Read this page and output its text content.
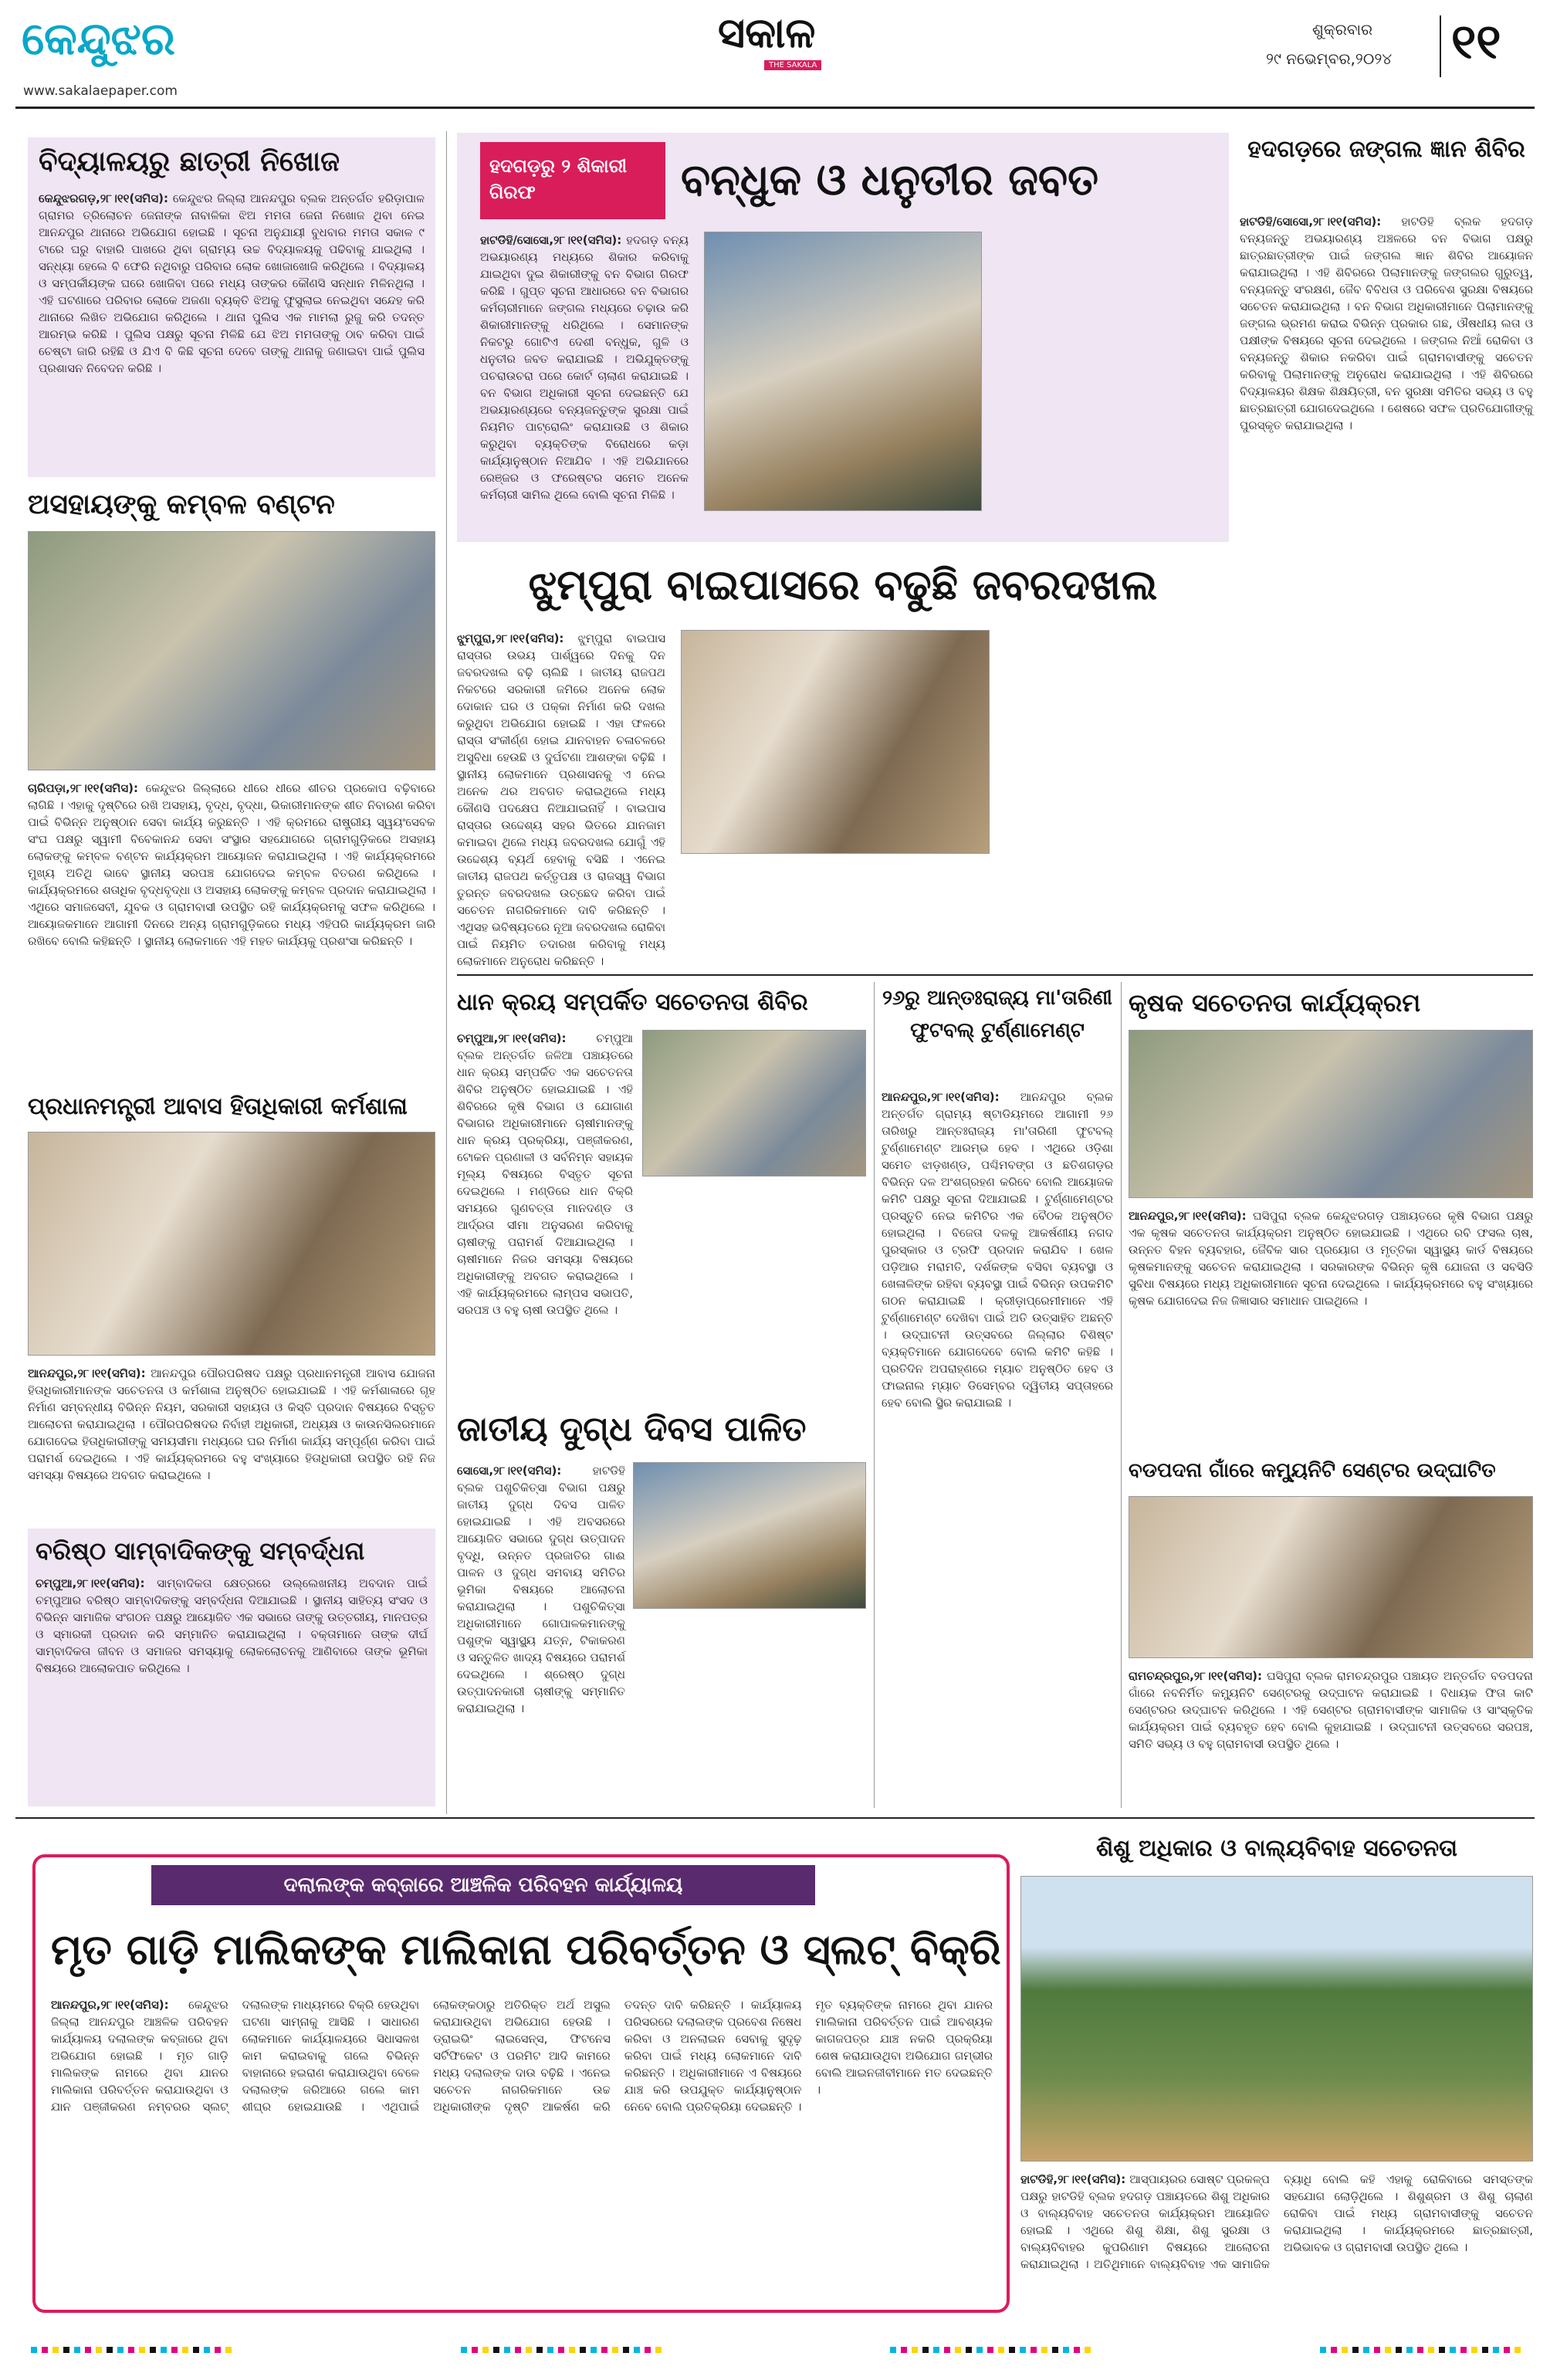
କେନ୍ଦୁଝର
www.sakalaepaper.com
ସକାଳ
THE SAKALA
ଶୁକ୍ରବାର
୨୯ ନଭେମ୍ବର,୨୦୨୪ ୧୧
ବିଦ୍ୟାଳୟରୁ ଛାତ୍ରୀ ନିଖୋଜ
କେନ୍ଦୁଝରଗଡ଼,୨୮।୧୧(ସମିସ): କେନ୍ଦୁଝର ଜିଲ୍ଲା ଆନନ୍ଦପୁର ବ୍ଲକ ଅନ୍ତର୍ଗତ ହରିଡ଼ାପାଳ ଗ୍ରାମର ତ୍ରିଲୋଚନ ଜେନାଙ୍କ ନାବାଳିକା ଝିଅ ମମତା ଜେନା ନିଖୋଜ ଥିବା ନେଇ ଆନନ୍ଦପୁର ଥାନାରେ ଅଭିଯୋଗ ହୋଇଛି । ସୂଚନା ଅନୁଯାୟୀ ବୁଧବାର ମମତା ସକାଳ ୯ ଟାରେ ଘରୁ ବାହାରି ପାଖରେ ଥିବା ଗ୍ରାମ୍ୟ ଉଚ୍ଚ ବିଦ୍ୟାଳୟକୁ ପଢିବାକୁ ଯାଇଥିଲା । ସନ୍ଧ୍ୟା ହେଲେ ବି ଫେରି ନଥିବାରୁ ପରିବାର ଲୋକ ଖୋଜାଖୋଜି କରିଥିଲେ । ବିଦ୍ୟାଳୟ ଓ ସମ୍ପର୍କୀୟଙ୍କ ଘରେ ଖୋଜିବା ପରେ ମଧ୍ୟ ତାଙ୍କର କୌଣସି ସନ୍ଧାନ ମିଳିନଥିଲା । ଏହି ଘଟଣାରେ ପରିବାର ଲୋକେ ଅଜଣା ବ୍ୟକ୍ତି ଝିଅକୁ ଫୁସୁଲାଇ ନେଇଥିବା ସନ୍ଦେହ କରି ଥାନାରେ ଲିଖିତ ଅଭିଯୋଗ କରିଥିଲେ । ଥାନା ପୁଲିସ ଏକ ମାମଲା ରୁଜୁ କରି ତଦନ୍ତ ଆରମ୍ଭ କରିଛି । ପୁଲିସ ପକ୍ଷରୁ ସୂଚନା ମିଳିଛି ଯେ ଝିଅ ମମତାଙ୍କୁ ଠାବ କରିବା ପାଇଁ ଚେଷ୍ଟା ଜାରି ରହିଛି ଓ ଯିଏ ବି କିଛି ସୂଚନା ଦେବେ ତାଙ୍କୁ ଥାନାକୁ ଜଣାଇବା ପାଇଁ ପୁଲିସ ପ୍ରଶାସନ ନିବେଦନ କରିଛି ।
ଅସହାୟଙ୍କୁ କମ୍ବଳ ବଣ୍ଟନ
ଚାରିପଡ଼ା,୨୮।୧୧(ସମିସ): କେନ୍ଦୁଝର ଜିଲ୍ଲାରେ ଧୀରେ ଧୀରେ ଶୀତର ପ୍ରକୋପ ବଢ଼ିବାରେ ଲାଗିଛି । ଏହାକୁ ଦୃଷ୍ଟିରେ ରଖି ଅସହାୟ, ବୃଦ୍ଧ, ବୃଦ୍ଧା, ଭିକାରୀମାନଙ୍କ ଶୀତ ନିବାରଣ କରିବା ପାଇଁ ବିଭିନ୍ନ ଅନୁଷ୍ଠାନ ସେବା କାର୍ଯ୍ୟ କରୁଛନ୍ତି । ଏହି କ୍ରମରେ ରାଷ୍ଟ୍ରୀୟ ସ୍ୱୟଂସେବକ ସଂଘ ପକ୍ଷରୁ ସ୍ୱାମୀ ବିବେକାନନ୍ଦ ସେବା ସଂସ୍ଥାର ସହଯୋଗରେ ଗ୍ରାମଗୁଡ଼ିକରେ ଅସହାୟ ଲୋକଙ୍କୁ କମ୍ବଳ ବଣ୍ଟନ କାର୍ଯ୍ୟକ୍ରମ ଆୟୋଜନ କରାଯାଇଥିଲା । ଏହି କାର୍ଯ୍ୟକ୍ରମରେ ମୁଖ୍ୟ ଅତିଥି ଭାବେ ସ୍ଥାନୀୟ ସରପଞ୍ଚ ଯୋଗଦେଇ କମ୍ବଳ ବିତରଣ କରିଥିଲେ । କାର୍ଯ୍ୟକ୍ରମରେ ଶତାଧିକ ବୃଦ୍ଧବୃଦ୍ଧା ଓ ଅସହାୟ ଲୋକଙ୍କୁ କମ୍ବଳ ପ୍ରଦାନ କରାଯାଇଥିଲା । ଏଥିରେ ସମାଜସେବୀ, ଯୁବକ ଓ ଗ୍ରାମବାସୀ ଉପସ୍ଥିତ ରହି କାର୍ଯ୍ୟକ୍ରମକୁ ସଫଳ କରିଥିଲେ । ଆୟୋଜକମାନେ ଆଗାମୀ ଦିନରେ ଅନ୍ୟ ଗ୍ରାମଗୁଡ଼ିକରେ ମଧ୍ୟ ଏହିପରି କାର୍ଯ୍ୟକ୍ରମ ଜାରି ରଖିବେ ବୋଲି କହିଛନ୍ତି । ସ୍ଥାନୀୟ ଲୋକମାନେ ଏହି ମହତ କାର୍ଯ୍ୟକୁ ପ୍ରଶଂସା କରିଛନ୍ତି ।
ପ୍ରଧାନମନ୍ତ୍ରୀ ଆବାସ ହିତାଧିକାରୀ କର୍ମଶାଳା
ଆନନ୍ଦପୁର,୨୮।୧୧(ସମିସ): ଆନନ୍ଦପୁର ପୌରପରିଷଦ ପକ୍ଷରୁ ପ୍ରଧାନମନ୍ତ୍ରୀ ଆବାସ ଯୋଜନା ହିତାଧିକାରୀମାନଙ୍କ ସଚେତନତା ଓ କର୍ମଶାଳା ଅନୁଷ୍ଠିତ ହୋଇଯାଇଛି । ଏହି କର୍ମଶାଳାରେ ଗୃହ ନିର୍ମାଣ ସମ୍ବନ୍ଧୀୟ ବିଭିନ୍ନ ନିୟମ, ସରକାରୀ ସହାୟତା ଓ କିସ୍ତି ପ୍ରଦାନ ବିଷୟରେ ବିସ୍ତୃତ ଆଲୋଚନା କରାଯାଇଥିଲା । ପୌରପରିଷଦର ନିର୍ବାହୀ ଅଧିକାରୀ, ଅଧ୍ୟକ୍ଷ ଓ କାଉନସିଲରମାନେ ଯୋଗଦେଇ ହିତାଧିକାରୀଙ୍କୁ ସମୟସୀମା ମଧ୍ୟରେ ଘର ନିର୍ମାଣ କାର୍ଯ୍ୟ ସମ୍ପୂର୍ଣ୍ଣ କରିବା ପାଇଁ ପରାମର୍ଶ ଦେଇଥିଲେ । ଏହି କାର୍ଯ୍ୟକ୍ରମରେ ବହୁ ସଂଖ୍ୟାରେ ହିତାଧିକାରୀ ଉପସ୍ଥିତ ରହି ନିଜ ସମସ୍ୟା ବିଷୟରେ ଅବଗତ କରାଇଥିଲେ ।
ବରିଷ୍ଠ ସାମ୍ବାଦିକଙ୍କୁ ସମ୍ବର୍ଦ୍ଧନା
ଚମ୍ପୁଆ,୨୮।୧୧(ସମିସ): ସାମ୍ବାଦିକତା କ୍ଷେତ୍ରରେ ଉଲ୍ଲେଖନୀୟ ଅବଦାନ ପାଇଁ ଚମ୍ପୁଆର ବରିଷ୍ଠ ସାମ୍ବାଦିକଙ୍କୁ ସମ୍ବର୍ଦ୍ଧନା ଦିଆଯାଇଛି । ସ୍ଥାନୀୟ ସାହିତ୍ୟ ସଂସଦ ଓ ବିଭିନ୍ନ ସାମାଜିକ ସଂଗଠନ ପକ୍ଷରୁ ଆୟୋଜିତ ଏକ ସଭାରେ ତାଙ୍କୁ ଉତ୍ତରୀୟ, ମାନପତ୍ର ଓ ସ୍ମାରକୀ ପ୍ରଦାନ କରି ସମ୍ମାନିତ କରାଯାଇଥିଲା । ବକ୍ତାମାନେ ତାଙ୍କ ଦୀର୍ଘ ସାମ୍ବାଦିକତା ଜୀବନ ଓ ସମାଜର ସମସ୍ୟାକୁ ଲୋକଲୋଚନକୁ ଆଣିବାରେ ତାଙ୍କ ଭୂମିକା ବିଷୟରେ ଆଲୋକପାତ କରିଥିଲେ ।
ହଦଗଡ଼ରୁ ୨ ଶିକାରୀ ଗିରଫ	ବନ୍ଧୁକ ଓ ଧନୁତୀର ଜବତ
ହାଟଡିହି/ସୋସୋ,୨୮।୧୧(ସମିସ): ହଦଗଡ଼ ବନ୍ୟ ଅଭୟାରଣ୍ୟ ମଧ୍ୟରେ ଶିକାର କରିବାକୁ ଯାଇଥିବା ଦୁଇ ଶିକାରୀଙ୍କୁ ବନ ବିଭାଗ ଗିରଫ କରିଛି । ଗୁପ୍ତ ସୂଚନା ଆଧାରରେ ବନ ବିଭାଗର କର୍ମଚାରୀମାନେ ଜଙ୍ଗଲ ମଧ୍ୟରେ ଚଢ଼ାଉ କରି ଶିକାରୀମାନଙ୍କୁ ଧରିଥିଲେ । ସେମାନଙ୍କ ନିକଟରୁ ଗୋଟିଏ ଦେଶୀ ବନ୍ଧୁକ, ଗୁଳି ଓ ଧନୁତୀର ଜବତ କରାଯାଇଛି । ଅଭିଯୁକ୍ତଙ୍କୁ ପଚରାଉଚରା ପରେ କୋର୍ଟ ଚାଲାଣ କରାଯାଇଛି । ବନ ବିଭାଗ ଅଧିକାରୀ ସୂଚନା ଦେଇଛନ୍ତି ଯେ ଅଭୟାରଣ୍ୟରେ ବନ୍ୟଜନ୍ତୁଙ୍କ ସୁରକ୍ଷା ପାଇଁ ନିୟମିତ ପାଟ୍ରୋଲିଂ କରାଯାଉଛି ଓ ଶିକାର କରୁଥିବା ବ୍ୟକ୍ତିଙ୍କ ବିରୋଧରେ କଡ଼ା କାର୍ଯ୍ୟାନୁଷ୍ଠାନ ନିଆଯିବ । ଏହି ଅଭିଯାନରେ ରେଞ୍ଜର ଓ ଫରେଷ୍ଟର ସମେତ ଅନେକ କର୍ମଚାରୀ ସାମିଲ ଥିଲେ ବୋଲି ସୂଚନା ମିଳିଛି ।
ହଦଗଡ଼ରେ ଜଙ୍ଗଲ ଜ୍ଞାନ ଶିବିର
ହାଟଡିହି/ସୋସୋ,୨୮।୧୧(ସମିସ): ହାଟଡିହି ବ୍ଲକ ହଦଗଡ଼ ବନ୍ୟଜନ୍ତୁ ଅଭୟାରଣ୍ୟ ଅଞ୍ଚଳରେ ବନ ବିଭାଗ ପକ୍ଷରୁ ଛାତ୍ରଛାତ୍ରୀଙ୍କ ପାଇଁ ଜଙ୍ଗଲ ଜ୍ଞାନ ଶିବିର ଆୟୋଜନ କରାଯାଇଥିଲା । ଏହି ଶିବିରରେ ପିଲାମାନଙ୍କୁ ଜଙ୍ଗଲର ଗୁରୁତ୍ୱ, ବନ୍ୟଜନ୍ତୁ ସଂରକ୍ଷଣ, ଜୈବ ବିବିଧତା ଓ ପରିବେଶ ସୁରକ୍ଷା ବିଷୟରେ ସଚେତନ କରାଯାଇଥିଲା । ବନ ବିଭାଗ ଅଧିକାରୀମାନେ ପିଲାମାନଙ୍କୁ ଜଙ୍ଗଲ ଭ୍ରମଣ କରାଇ ବିଭିନ୍ନ ପ୍ରକାର ଗଛ, ଔଷଧୀୟ ଲତା ଓ ପକ୍ଷୀଙ୍କ ବିଷୟରେ ସୂଚନା ଦେଇଥିଲେ । ଜଙ୍ଗଲ ନିଆଁ ରୋକିବା ଓ ବନ୍ୟଜନ୍ତୁ ଶିକାର ନକରିବା ପାଇଁ ଗ୍ରାମବାସୀଙ୍କୁ ସଚେତନ କରିବାକୁ ପିଲାମାନଙ୍କୁ ଅନୁରୋଧ କରାଯାଇଥିଲା । ଏହି ଶିବିରରେ ବିଦ୍ୟାଳୟର ଶିକ୍ଷକ ଶିକ୍ଷୟିତ୍ରୀ, ବନ ସୁରକ୍ଷା ସମିତିର ସଭ୍ୟ ଓ ବହୁ ଛାତ୍ରଛାତ୍ରୀ ଯୋଗଦେଇଥିଲେ । ଶେଷରେ ସଫଳ ପ୍ରତିଯୋଗୀଙ୍କୁ ପୁରସ୍କୃତ କରାଯାଇଥିଲା ।
ଝୁମ୍ପୁରା ବାଇପାସରେ ବଢୁଛି ଜବରଦଖଲ
ଝୁମ୍ପୁରା,୨୮।୧୧(ସମିସ): ଝୁମ୍ପୁରା ବାଇପାସ ରାସ୍ତାର ଉଭୟ ପାର୍ଶ୍ୱରେ ଦିନକୁ ଦିନ ଜବରଦଖଲ ବଢ଼ି ଚାଲିଛି । ଜାତୀୟ ରାଜପଥ ନିକଟରେ ସରକାରୀ ଜମିରେ ଅନେକ ଲୋକ ଦୋକାନ ଘର ଓ ପକ୍କା ନିର୍ମାଣ କରି ଦଖଲ କରୁଥିବା ଅଭିଯୋଗ ହୋଇଛି । ଏହା ଫଳରେ ରାସ୍ତା ସଂକୀର୍ଣ୍ଣ ହୋଇ ଯାନବାହନ ଚଳାଚଳରେ ଅସୁବିଧା ହେଉଛି ଓ ଦୁର୍ଘଟଣା ଆଶଙ୍କା ବଢ଼ିଛି । ସ୍ଥାନୀୟ ଲୋକମାନେ ପ୍ରଶାସନକୁ ଏ ନେଇ ଅନେକ ଥର ଅବଗତ କରାଇଥିଲେ ମଧ୍ୟ କୌଣସି ପଦକ୍ଷେପ ନିଆଯାଇନାହିଁ । ବାଇପାସ ରାସ୍ତାର ଉଦ୍ଦେଶ୍ୟ ସହର ଭିତରେ ଯାନଜାମ କମାଇବା ଥିଲେ ମଧ୍ୟ ଜବରଦଖଲ ଯୋଗୁଁ ଏହି ଉଦ୍ଦେଶ୍ୟ ବ୍ୟର୍ଥ ହେବାକୁ ବସିଛି । ଏନେଇ ଜାତୀୟ ରାଜପଥ କର୍ତ୍ତୃପକ୍ଷ ଓ ରାଜସ୍ୱ ବିଭାଗ ତୁରନ୍ତ ଜବରଦଖଲ ଉଚ୍ଛେଦ କରିବା ପାଇଁ ସଚେତନ ନାଗରିକମାନେ ଦାବି କରିଛନ୍ତି । ଏଥିସହ ଭବିଷ୍ୟତରେ ନୂଆ ଜବରଦଖଲ ରୋକିବା ପାଇଁ ନିୟମିତ ତଦାରଖ କରିବାକୁ ମଧ୍ୟ ଲୋକମାନେ ଅନୁରୋଧ କରିଛନ୍ତି ।
ଧାନ କ୍ରୟ ସମ୍ପର୍କିତ ସଚେତନତା ଶିବିର
ଚମ୍ପୁଆ,୨୮।୧୧(ସମିସ):	ଚମ୍ପୁଆ ବ୍ଲକ ଅନ୍ତର୍ଗତ ଜଳିଆ ପଞ୍ଚାୟତରେ ଧାନ କ୍ରୟ ସମ୍ପର୍କିତ ଏକ ସଚେତନତା ଶିବିର ଅନୁଷ୍ଠିତ ହୋଇଯାଇଛି । ଏହି ଶିବିରରେ କୃଷି ବିଭାଗ ଓ ଯୋଗାଣ ବିଭାଗର ଅଧିକାରୀମାନେ ଚାଷୀମାନଙ୍କୁ ଧାନ କ୍ରୟ ପ୍ରକ୍ରିୟା, ପଞ୍ଜୀକରଣ, ଟୋକନ ପ୍ରଣାଳୀ ଓ ସର୍ବନିମ୍ନ ସହାୟକ ମୂଲ୍ୟ ବିଷୟରେ ବିସ୍ତୃତ ସୂଚନା ଦେଇଥିଲେ । ମଣ୍ଡିରେ ଧାନ ବିକ୍ରି ସମୟରେ ଗୁଣବତ୍ତା ମାନଦଣ୍ଡ ଓ ଆର୍ଦ୍ରତା ସୀମା ଅନୁସରଣ କରିବାକୁ ଚାଷୀଙ୍କୁ ପରାମର୍ଶ ଦିଆଯାଇଥିଲା । ଚାଷୀମାନେ ନିଜର ସମସ୍ୟା ବିଷୟରେ ଅଧିକାରୀଙ୍କୁ ଅବଗତ କରାଇଥିଲେ । ଏହି କାର୍ଯ୍ୟକ୍ରମରେ ଲାମ୍ପସ ସଭାପତି, ସରପଞ୍ଚ ଓ ବହୁ ଚାଷୀ ଉପସ୍ଥିତ ଥିଲେ ।
ଜାତୀୟ ଦୁଗ୍ଧ ଦିବସ ପାଳିତ
ସୋସୋ,୨୮।୧୧(ସମିସ):	ହାଟଡିହି ବ୍ଲକ ପଶୁଚିକିତ୍ସା ବିଭାଗ ପକ୍ଷରୁ ଜାତୀୟ ଦୁଗ୍ଧ ଦିବସ ପାଳିତ ହୋଇଯାଇଛି । ଏହି ଅବସରରେ ଆୟୋଜିତ ସଭାରେ ଦୁଗ୍ଧ ଉତ୍ପାଦନ ବୃଦ୍ଧି, ଉନ୍ନତ ପ୍ରଜାତିର ଗାଈ ପାଳନ ଓ ଦୁଗ୍ଧ ସମବାୟ ସମିତିର ଭୂମିକା ବିଷୟରେ ଆଲୋଚନା କରାଯାଇଥିଲା । ପଶୁଚିକିତ୍ସା ଅଧିକାରୀମାନେ ଗୋପାଳକମାନଙ୍କୁ ପଶୁଙ୍କ ସ୍ୱାସ୍ଥ୍ୟ ଯତ୍ନ, ଟିକାକରଣ ଓ ସନ୍ତୁଳିତ ଖାଦ୍ୟ ବିଷୟରେ ପରାମର୍ଶ ଦେଇଥିଲେ । ଶ୍ରେଷ୍ଠ ଦୁଗ୍ଧ ଉତ୍ପାଦନକାରୀ ଚାଷୀଙ୍କୁ ସମ୍ମାନିତ କରାଯାଇଥିଲା ।
୨୬ରୁ ଆନ୍ତଃରାଜ୍ୟ ମା'ତାରିଣୀ ଫୁଟବଲ୍ ଟୁର୍ଣ୍ଣାମେଣ୍ଟ
ଆନନ୍ଦପୁର,୨୮।୧୧(ସମିସ): ଆନନ୍ଦପୁର ବ୍ଲକ ଅନ୍ତର୍ଗତ ଗ୍ରାମ୍ୟ ଷ୍ଟାଡିୟମରେ ଆଗାମୀ ୨୬ ତାରିଖରୁ ଆନ୍ତଃରାଜ୍ୟ ମା'ତାରିଣୀ ଫୁଟବଲ୍ ଟୁର୍ଣ୍ଣାମେଣ୍ଟ ଆରମ୍ଭ ହେବ । ଏଥିରେ ଓଡ଼ିଶା ସମେତ ଝାଡ଼ଖଣ୍ଡ, ପଶ୍ଚିମବଙ୍ଗ ଓ ଛତିଶଗଡ଼ର ବିଭିନ୍ନ ଦଳ ଅଂଶଗ୍ରହଣ କରିବେ ବୋଲି ଆୟୋଜକ କମିଟି ପକ୍ଷରୁ ସୂଚନା ଦିଆଯାଇଛି । ଟୁର୍ଣ୍ଣାମେଣ୍ଟର ପ୍ରସ୍ତୁତି ନେଇ କମିଟିର ଏକ ବୈଠକ ଅନୁଷ୍ଠିତ ହୋଇଥିଲା । ବିଜେତା ଦଳକୁ ଆକର୍ଷଣୀୟ ନଗଦ ପୁରସ୍କାର ଓ ଟ୍ରଫି ପ୍ରଦାନ କରାଯିବ । ଖେଳ ପଡ଼ିଆର ମରାମତି, ଦର୍ଶକଙ୍କ ବସିବା ବ୍ୟବସ୍ଥା ଓ ଖେଳାଳିଙ୍କ ରହିବା ବ୍ୟବସ୍ଥା ପାଇଁ ବିଭିନ୍ନ ଉପକମିଟି ଗଠନ କରାଯାଇଛି । କ୍ରୀଡ଼ାପ୍ରେମୀମାନେ ଏହି ଟୁର୍ଣ୍ଣାମେଣ୍ଟ ଦେଖିବା ପାଇଁ ଅତି ଉତ୍ସାହିତ ଅଛନ୍ତି । ଉଦ୍‌ଘାଟନୀ ଉତ୍ସବରେ ଜିଲ୍ଲାର ବିଶିଷ୍ଟ ବ୍ୟକ୍ତିମାନେ ଯୋଗଦେବେ ବୋଲି କମିଟି କହିଛି । ପ୍ରତିଦିନ ଅପରାହ୍ଣରେ ମ୍ୟାଚ ଅନୁଷ୍ଠିତ ହେବ ଓ ଫାଇନାଲ ମ୍ୟାଚ ଡିସେମ୍ବର ଦ୍ୱିତୀୟ ସପ୍ତାହରେ ହେବ ବୋଲି ସ୍ଥିର କରାଯାଇଛି ।
କୃଷକ ସଚେତନତା କାର୍ଯ୍ୟକ୍ରମ
ଆନନ୍ଦପୁର,୨୮।୧୧(ସମିସ): ଘସିପୁରା ବ୍ଲକ କେନ୍ଦୁଝରଗଡ଼ ପଞ୍ଚାୟତରେ କୃଷି ବିଭାଗ ପକ୍ଷରୁ ଏକ କୃଷକ ସଚେତନତା କାର୍ଯ୍ୟକ୍ରମ ଅନୁଷ୍ଠିତ ହୋଇଯାଇଛି । ଏଥିରେ ରବି ଫସଲ ଚାଷ, ଉନ୍ନତ ବିହନ ବ୍ୟବହାର, ଜୈବିକ ସାର ପ୍ରୟୋଗ ଓ ମୃତ୍ତିକା ସ୍ୱାସ୍ଥ୍ୟ କାର୍ଡ ବିଷୟରେ କୃଷକମାନଙ୍କୁ ସଚେତନ କରାଯାଇଥିଲା । ସରକାରଙ୍କ ବିଭିନ୍ନ କୃଷି ଯୋଜନା ଓ ସବସିଡି ସୁବିଧା ବିଷୟରେ ମଧ୍ୟ ଅଧିକାରୀମାନେ ସୂଚନା ଦେଇଥିଲେ । କାର୍ଯ୍ୟକ୍ରମରେ ବହୁ ସଂଖ୍ୟାରେ କୃଷକ ଯୋଗଦେଇ ନିଜ ଜିଜ୍ଞାସାର ସମାଧାନ ପାଇଥିଲେ ।
ବଡପଦନା ଗାଁରେ କମ୍ୟୁନିଟି ସେଣ୍ଟର ଉଦ୍‌ଘାଟିତ
ରାମଚନ୍ଦ୍ରପୁର,୨୮।୧୧(ସମିସ): ଘସିପୁରା ବ୍ଲକ ରାମଚନ୍ଦ୍ରପୁର ପଞ୍ଚାୟତ ଅନ୍ତର୍ଗତ ବଡପଦନା ଗାଁରେ ନବନିର୍ମିତ କମ୍ୟୁନିଟି ସେଣ୍ଟରକୁ ଉଦ୍‌ଘାଟନ କରାଯାଇଛି । ବିଧାୟକ ଫିତା କାଟି ସେଣ୍ଟରର ଉଦ୍‌ଘାଟନ କରିଥିଲେ । ଏହି ସେଣ୍ଟର ଗ୍ରାମବାସୀଙ୍କ ସାମାଜିକ ଓ ସାଂସ୍କୃତିକ କାର୍ଯ୍ୟକ୍ରମ ପାଇଁ ବ୍ୟବହୃତ ହେବ ବୋଲି କୁହାଯାଇଛି । ଉଦ୍‌ଘାଟନୀ ଉତ୍ସବରେ ସରପଞ୍ଚ, ସମିତି ସଭ୍ୟ ଓ ବହୁ ଗ୍ରାମବାସୀ ଉପସ୍ଥିତ ଥିଲେ ।
ଦଲାଲଙ୍କ କବ୍ଜାରେ ଆଞ୍ଚଳିକ ପରିବହନ କାର୍ଯ୍ୟାଳୟ
ମୃତ ଗାଡ଼ି ମାଲିକଙ୍କ ମାଲିକାନା ପରିବର୍ତ୍ତନ ଓ ସ୍ଲଟ୍ ବିକ୍ରି
ଆନନ୍ଦପୁର,୨୮।୧୧(ସମିସ): କେନ୍ଦୁଝର ଜିଲ୍ଲା ଆନନ୍ଦପୁର ଆଞ୍ଚଳିକ ପରିବହନ କାର୍ଯ୍ୟାଳୟ ଦଲାଲଙ୍କ କବ୍ଜାରେ ଥିବା ଅଭିଯୋଗ ହୋଇଛି । ମୃତ ଗାଡ଼ି ମାଲିକଙ୍କ ନାମରେ ଥିବା ଯାନର ମାଲିକାନା ପରିବର୍ତ୍ତନ କରାଯାଉଥିବା ଓ ଯାନ ପଞ୍ଜୀକରଣ ନମ୍ବରର ସ୍ଲଟ୍ ଦଲାଲଙ୍କ ମାଧ୍ୟମରେ ବିକ୍ରି ହେଉଥିବା ଘଟଣା ସାମ୍ନାକୁ ଆସିଛି । ସାଧାରଣ ଲୋକମାନେ କାର୍ଯ୍ୟାଳୟରେ ସିଧାସଳଖ କାମ କରାଇବାକୁ ଗଲେ ବିଭିନ୍ନ ବାହାନାରେ ହଇରାଣ କରାଯାଉଥିବା ବେଳେ ଦଲାଲଙ୍କ ଜରିଆରେ ଗଲେ କାମ ଶୀଘ୍ର ହୋଇଯାଉଛି । ଏଥିପାଇଁ ଲୋକଙ୍କଠାରୁ ଅତିରିକ୍ତ ଅର୍ଥ ଅସୁଲ କରାଯାଉଥିବା ଅଭିଯୋଗ ହେଉଛି । ଡ୍ରାଇଭିଂ ଲାଇସେନ୍ସ, ଫିଟନେସ ସର୍ଟିଫିକେଟ ଓ ପରମିଟ ଆଦି କାମରେ ମଧ୍ୟ ଦଲାଲଙ୍କ ଦାଉ ବଢ଼ିଛି । ଏନେଇ ସଚେତନ ନାଗରିକମାନେ ଉଚ୍ଚ ଅଧିକାରୀଙ୍କ ଦୃଷ୍ଟି ଆକର୍ଷଣ କରି ତଦନ୍ତ ଦାବି କରିଛନ୍ତି । କାର୍ଯ୍ୟାଳୟ ପରିସରରେ ଦଲାଲଙ୍କ ପ୍ରବେଶ ନିଷେଧ କରିବା ଓ ଅନଲାଇନ ସେବାକୁ ସୁଦୃଢ଼ କରିବା ପାଇଁ ମଧ୍ୟ ଲୋକମାନେ ଦାବି କରିଛନ୍ତି । ଅଧିକାରୀମାନେ ଏ ବିଷୟରେ ଯାଞ୍ଚ କରି ଉପଯୁକ୍ତ କାର୍ଯ୍ୟାନୁଷ୍ଠାନ ନେବେ ବୋଲି ପ୍ରତିକ୍ରିୟା ଦେଇଛନ୍ତି । ମୃତ ବ୍ୟକ୍ତିଙ୍କ ନାମରେ ଥିବା ଯାନର ମାଲିକାନା ପରିବର୍ତ୍ତନ ପାଇଁ ଆବଶ୍ୟକ କାଗଜପତ୍ର ଯାଞ୍ଚ ନକରି ପ୍ରକ୍ରିୟା ଶେଷ କରାଯାଉଥିବା ଅଭିଯୋଗ ଗମ୍ଭୀର ବୋଲି ଆଇନଜୀବୀମାନେ ମତ ଦେଇଛନ୍ତି ।
ଶିଶୁ ଅଧିକାର ଓ ବାଲ୍ୟବିବାହ ସଚେତନତା
ହାଟଡିହି,୨୮।୧୧(ସମିସ): ଆସ୍ପାୟରର ସୋଷ୍ଟ ପ୍ରକଳ୍ପ ପକ୍ଷରୁ ହାଟଡିହି ବ୍ଲକ ହଦଗଡ଼ ପଞ୍ଚାୟତରେ ଶିଶୁ ଅଧିକାର ଓ ବାଲ୍ୟବିବାହ ସଚେତନତା କାର୍ଯ୍ୟକ୍ରମ ଆୟୋଜିତ ହୋଇଛି । ଏଥିରେ ଶିଶୁ ଶିକ୍ଷା, ଶିଶୁ ସୁରକ୍ଷା ଓ ବାଲ୍ୟବିବାହର କୁପରିଣାମ ବିଷୟରେ ଆଲୋଚନା କରାଯାଇଥିଲା । ଅତିଥିମାନେ ବାଲ୍ୟବିବାହ ଏକ ସାମାଜିକ ବ୍ୟାଧି ବୋଲି କହି ଏହାକୁ ରୋକିବାରେ ସମସ୍ତଙ୍କ ସହଯୋଗ ଲୋଡ଼ିଥିଲେ । ଶିଶୁଶ୍ରମ ଓ ଶିଶୁ ଚାଲାଣ ରୋକିବା ପାଇଁ ମଧ୍ୟ ଗ୍ରାମବାସୀଙ୍କୁ ସଚେତନ କରାଯାଇଥିଲା । କାର୍ଯ୍ୟକ୍ରମରେ ଛାତ୍ରଛାତ୍ରୀ, ଅଭିଭାବକ ଓ ଗ୍ରାମବାସୀ ଉପସ୍ଥିତ ଥିଲେ ।
